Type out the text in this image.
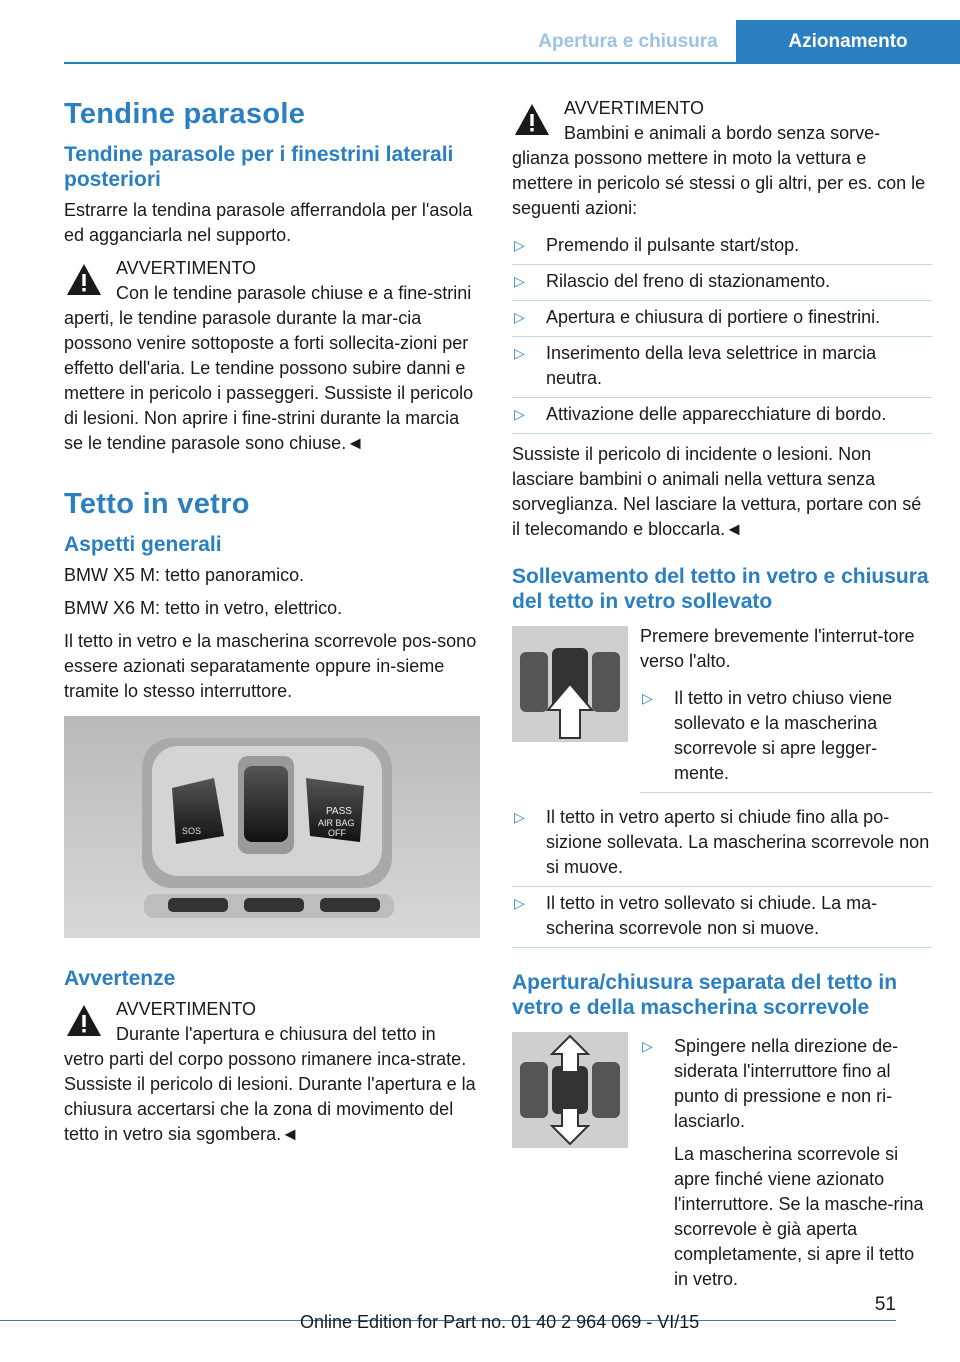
Apertura e chiusura	Azionamento
Tendine parasole
Tendine parasole per i finestrini laterali posteriori

Estrarre la tendina parasole afferrandola per l'asola ed agganciarla nel supporto.

AVVERTIMENTO
Con le tendine parasole chiuse e a fine-strini aperti, le tendine parasole durante la mar-cia possono venire sottoposte a forti sollecita-zioni per effetto dell'aria. Le tendine possono subire danni e mettere in pericolo i passeggeri. Sussiste il pericolo di lesioni. Non aprire i fine-strini durante la marcia se le tendine parasole sono chiuse.◄
Tetto in vetro
Aspetti generali

BMW X5 M: tetto panoramico.

BMW X6 M: tetto in vetro, elettrico.

Il tetto in vetro e la mascherina scorrevole pos-sono essere azionati separatamente oppure in-sieme tramite lo stesso interruttore.

SOS
PASS
AIR BAG
OFF
Avvertenze
AVVERTIMENTO
Durante l'apertura e chiusura del tetto in vetro parti del corpo possono rimanere inca-strate. Sussiste il pericolo di lesioni. Durante l'apertura e la chiusura accertarsi che la zona di movimento del tetto in vetro sia sgombera.◄
AVVERTIMENTO
Bambini e animali a bordo senza sorve-glianza possono mettere in moto la vettura e mettere in pericolo sé stessi o gli altri, per es. con le seguenti azioni:
▷ Premendo il pulsante start/stop.
▷ Rilascio del freno di stazionamento.
▷ Apertura e chiusura di portiere o finestrini.
▷ Inserimento della leva selettrice in marcia neutra.
▷ Attivazione delle apparecchiature di bordo.

Sussiste il pericolo di incidente o lesioni. Non lasciare bambini o animali nella vettura senza sorveglianza. Nel lasciare la vettura, portare con sé il telecomando e bloccarla.◄

Sollevamento del tetto in vetro e chiusura del tetto in vetro sollevato

Premere brevemente l'interrut-tore verso l'alto.

▷ Il tetto in vetro chiuso viene sollevato e la mascherina scorrevole si apre legger-mente.
▷ Il tetto in vetro aperto si chiude fino alla po-sizione sollevata. La mascherina scorrevole non si muove.
▷ Il tetto in vetro sollevato si chiude. La ma-scherina scorrevole non si muove.
Apertura/chiusura separata del tetto in vetro e della mascherina scorrevole
▷ Spingere nella direzione de-siderata l'interruttore fino al punto di pressione e non ri-lasciarlo.

La mascherina scorrevole si apre finché viene azionato l'interruttore. Se la masche-rina scorrevole è già aperta completamente, si apre il tetto in vetro.

51
Online Edition for Part no. 01 40 2 964 069 - VI/15
